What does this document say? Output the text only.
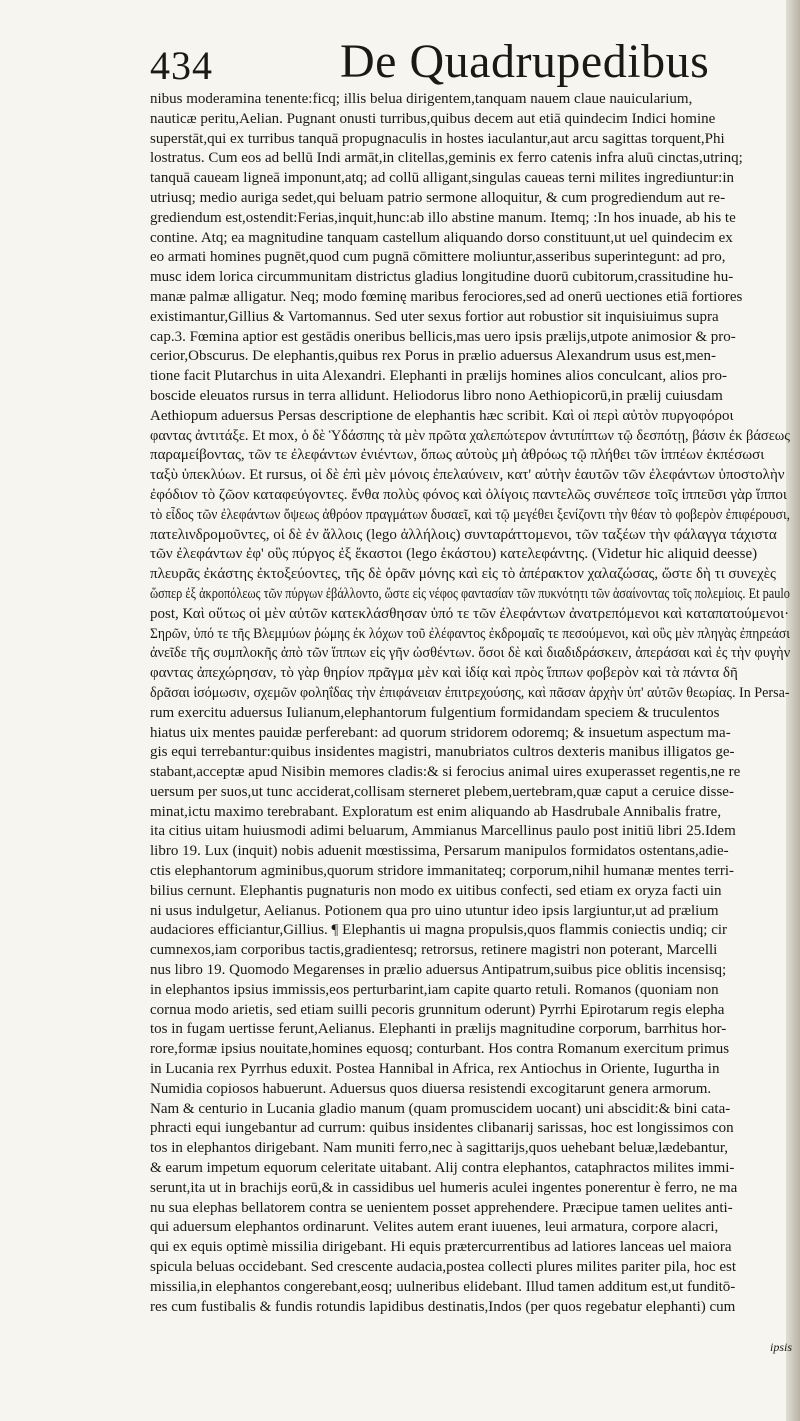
434	De Quadrupedibus
nibus moderamina tenente:ficq; illis belua dirigentem,tanquam nauem claue nauicularium,
nauticæ peritu,Aelian. Pugnant onusti turribus,quibus decem aut etiā quindecim Indici homine
superstāt,qui ex turribus tanquā propugnaculis in hostes iaculantur,aut arcu sagittas torquent,Phi
lostratus. Cum eos ad bellū Indi armāt,in clitellas,geminis ex ferro catenis infra aluū cinctas,utrinq;
tanquā caueam ligneā imponunt,atq; ad collū alligant,singulas caueas terni milites ingrediuntur:in
utriusq; medio auriga sedet,qui beluam patrio sermone alloquitur, & cum progrediendum aut re-
grediendum est,ostendit:Ferias,inquit,hunc:ab illo abstine manum. Itemq; :In hos inuade, ab his te
contine. Atq; ea magnitudine tanquam castellum aliquando dorso constituunt,ut uel quindecim ex
eo armati homines pugnēt,quod cum pugnā cōmittere moliuntur,asseribus superintegunt: ad pro,
musc idem lorica circummunitam districtus gladius longitudine duorū cubitorum,crassitudine hu-
manæ palmæ alligatur. Neq; modo fœminę maribus ferociores,sed ad onerū uectiones etiā fortiores
existimantur,Gillius & Vartomannus. Sed uter sexus fortior aut robustior sit inquisiuimus supra
cap.3. Fœmina aptior est gestādis oneribus bellicis,mas uero ipsis prælijs,utpote animosior & pro-
cerior,Obscurus. De elephantis,quibus rex Porus in prælio aduersus Alexandrum usus est,men-
tione facit Plutarchus in uita Alexandri. Elephanti in prælijs homines alios conculcant, alios pro-
boscide eleuatos rursus in terra allidunt. Heliodorus libro nono Aethiopicorū,in prælij cuiusdam
Aethiopum aduersus Persas descriptione de elephantis hæc scribit. Καὶ οἱ περὶ αὐτὸν πυργοφόροι
φαντας ἀντιτάξε. Et mox, ὁ δὲ Ὑδάσπης τὰ μὲν πρῶτα χαλεπώτερον ἀντιπίπτων τῷ δεσπότῃ, βάσιν ἐκ βάσεως
παραμείβοντας, τῶν τε ἐλεφάντων ἐνιέντων, ὅπως αὐτοὺς μὴ ἀθρόως τῷ πλήθει τῶν ἱππέων ἐκπέσωσι
ταξὺ ὑπεκλύων. Et rursus, οἱ δὲ ἐπὶ μὲν μόνοις ἐπελαύνειν, κατ' αὐτὴν ἑαυτῶν τῶν ἐλεφάντων ὑποστολὴν
ἐφόδιον τὸ ζῶον καταφεύγοντες. ἔνθα πολὺς φόνος καὶ ὀλίγοις παντελῶς συνέπεσε τοῖς ἱππεῦσι γὰρ ἵπποι
τὸ εἶδος τῶν ἐλεφάντων ὄψεως ἀθρόον πραγμάτων δυσαεῖ, καὶ τῷ μεγέθει ξενίζοντι τὴν θέαν τὸ φοβερὸν ἐπιφέρουσι,
πατελινδρομοῦντες, οἱ δὲ ἐν ἄλλοις (lego ἀλλήλοις) συνταράττομενοι, τῶν ταξέων τὴν φάλαγγα τάχιστα
τῶν ἐλεφάντων ἐφ' οὓς πύργος ἐξ ἕκαστοι (lego ἑκάστου) κατελεφάντης. (Videtur hic aliquid deesse)
πλευρᾶς ἐκάστης ἐκτοξεύοντες, τῆς δὲ ὁρᾶν μόνης καὶ εἰς τὸ ἀπέρακτον χαλαζώσας, ὥστε δὴ τι συνεχὲς
ὥσπερ ἐξ ἀκροπόλεως τῶν πύργων ἐβάλλοντο, ὥστε εἰς νέφος φαντασίαν τῶν πυκνότητι τῶν ἀσαίνοντας τοῖς πολεμίοις. Et paulo
post, Καὶ οὕτως οἱ μὲν αὐτῶν κατεκλάσθησαν ὑπό τε τῶν ἐλεφάντων ἀνατρεπόμενοι καὶ καταπατούμενοι·
Σηρῶν, ὑπό τε τῆς Βλεμμύων ῥώμης ἐκ λόχων τοῦ ἐλέφαντος ἐκδρομαῖς τε πεσούμενοι, καὶ οὓς μὲν πληγὰς ἐπηρεάσι
ἀνεῖδε τῆς συμπλοκῆς ἀπὸ τῶν ἵππων εἰς γῆν ὠσθέντων. ὅσοι δὲ καὶ διαδιδράσκειν, ἀπεράσαι καὶ ἐς τὴν φυγὴν
φαντας ἀπεχώρησαν, τὸ γὰρ θηρίον πρᾶγμα μὲν καὶ ἰδίᾳ καὶ πρὸς ἵππων φοβερὸν καὶ τὰ πάντα δῆ
δρᾶσαι ἰσόμωσιν, σχεμῶν φοληΐδας τὴν ἐπιφάνειαν ἐπιτρεχούσης, καὶ πᾶσαν ἀρχὴν ὑπ' αὐτῶν θεωρίας. In Persa-
rum exercitu aduersus Iulianum,elephantorum fulgentium formidandam speciem & truculentos
hiatus uix mentes pauidæ perferebant: ad quorum stridorem odoremq; & insuetum aspectum ma-
gis equi terrebantur:quibus insidentes magistri, manubriatos cultros dexteris manibus illigatos ge-
stabant,acceptæ apud Nisibin memores cladis:& si ferocius animal uires exuperasset regentis,ne re
uersum per suos,ut tunc acciderat,collisam sterneret plebem,uertebram,quæ caput a ceruice disse-
minat,ictu maximo terebrabant. Exploratum est enim aliquando ab Hasdrubale Annibalis fratre,
ita citius uitam huiusmodi adimi beluarum, Ammianus Marcellinus paulo post initiū libri 25.Idem
libro 19. Lux (inquit) nobis aduenit mœstissima, Persarum manipulos formidatos ostentans,adie-
ctis elephantorum agminibus,quorum stridore immanitateq; corporum,nihil humanæ mentes terri-
bilius cernunt. Elephantis pugnaturis non modo ex uitibus confecti, sed etiam ex oryza facti uin
ni usus indulgetur, Aelianus. Potionem qua pro uino utuntur ideo ipsis largiuntur,ut ad prælium
audaciores efficiantur,Gillius. ¶ Elephantis ui magna propulsis,quos flammis coniectis undiq; cir
cumnexos,iam corporibus tactis,gradientesq; retrorsus, retinere magistri non poterant, Marcelli
nus libro 19. Quomodo Megarenses in prælio aduersus Antipatrum,suibus pice oblitis incensisq;
in elephantos ipsius immissis,eos perturbarint,iam capite quarto retuli. Romanos (quoniam non
cornua modo arietis, sed etiam suilli pecoris grunnitum oderunt) Pyrrhi Epirotarum regis elepha
tos in fugam uertisse ferunt,Aelianus. Elephanti in prælijs magnitudine corporum, barrhitus hor-
rore,formæ ipsius nouitate,homines equosq; conturbant. Hos contra Romanum exercitum primus
in Lucania rex Pyrrhus eduxit. Postea Hannibal in Africa, rex Antiochus in Oriente, Iugurtha in
Numidia copiosos habuerunt. Aduersus quos diuersa resistendi excogitarunt genera armorum.
Nam & centurio in Lucania gladio manum (quam promuscidem uocant) uni abscidit:& bini cata-
phracti equi iungebantur ad currum: quibus insidentes clibanarij sarissas, hoc est longissimos con
tos in elephantos dirigebant. Nam muniti ferro,nec à sagittarijs,quos uehebant beluæ,lædebantur,
& earum impetum equorum celeritate uitabant. Alij contra elephantos, cataphractos milites immi-
serunt,ita ut in brachijs eorū,& in cassidibus uel humeris aculei ingentes ponerentur è ferro, ne ma
nu sua elephas bellatorem contra se uenientem posset apprehendere. Præcipue tamen uelites anti-
qui aduersum elephantos ordinarunt. Velites autem erant iuuenes, leui armatura, corpore alacri,
qui ex equis optimè missilia dirigebant. Hi equis prætercurrentibus ad latiores lanceas uel maiora
spicula beluas occidebant. Sed crescente audacia,postea collecti plures milites pariter pila, hoc est
missilia,in elephantos congerebant,eosq; uulneribus elidebant. Illud tamen additum est,ut funditō-
res cum fustibalis & fundis rotundis lapidibus destinatis,Indos (per quos regebatur elephanti) cum
ipsis
